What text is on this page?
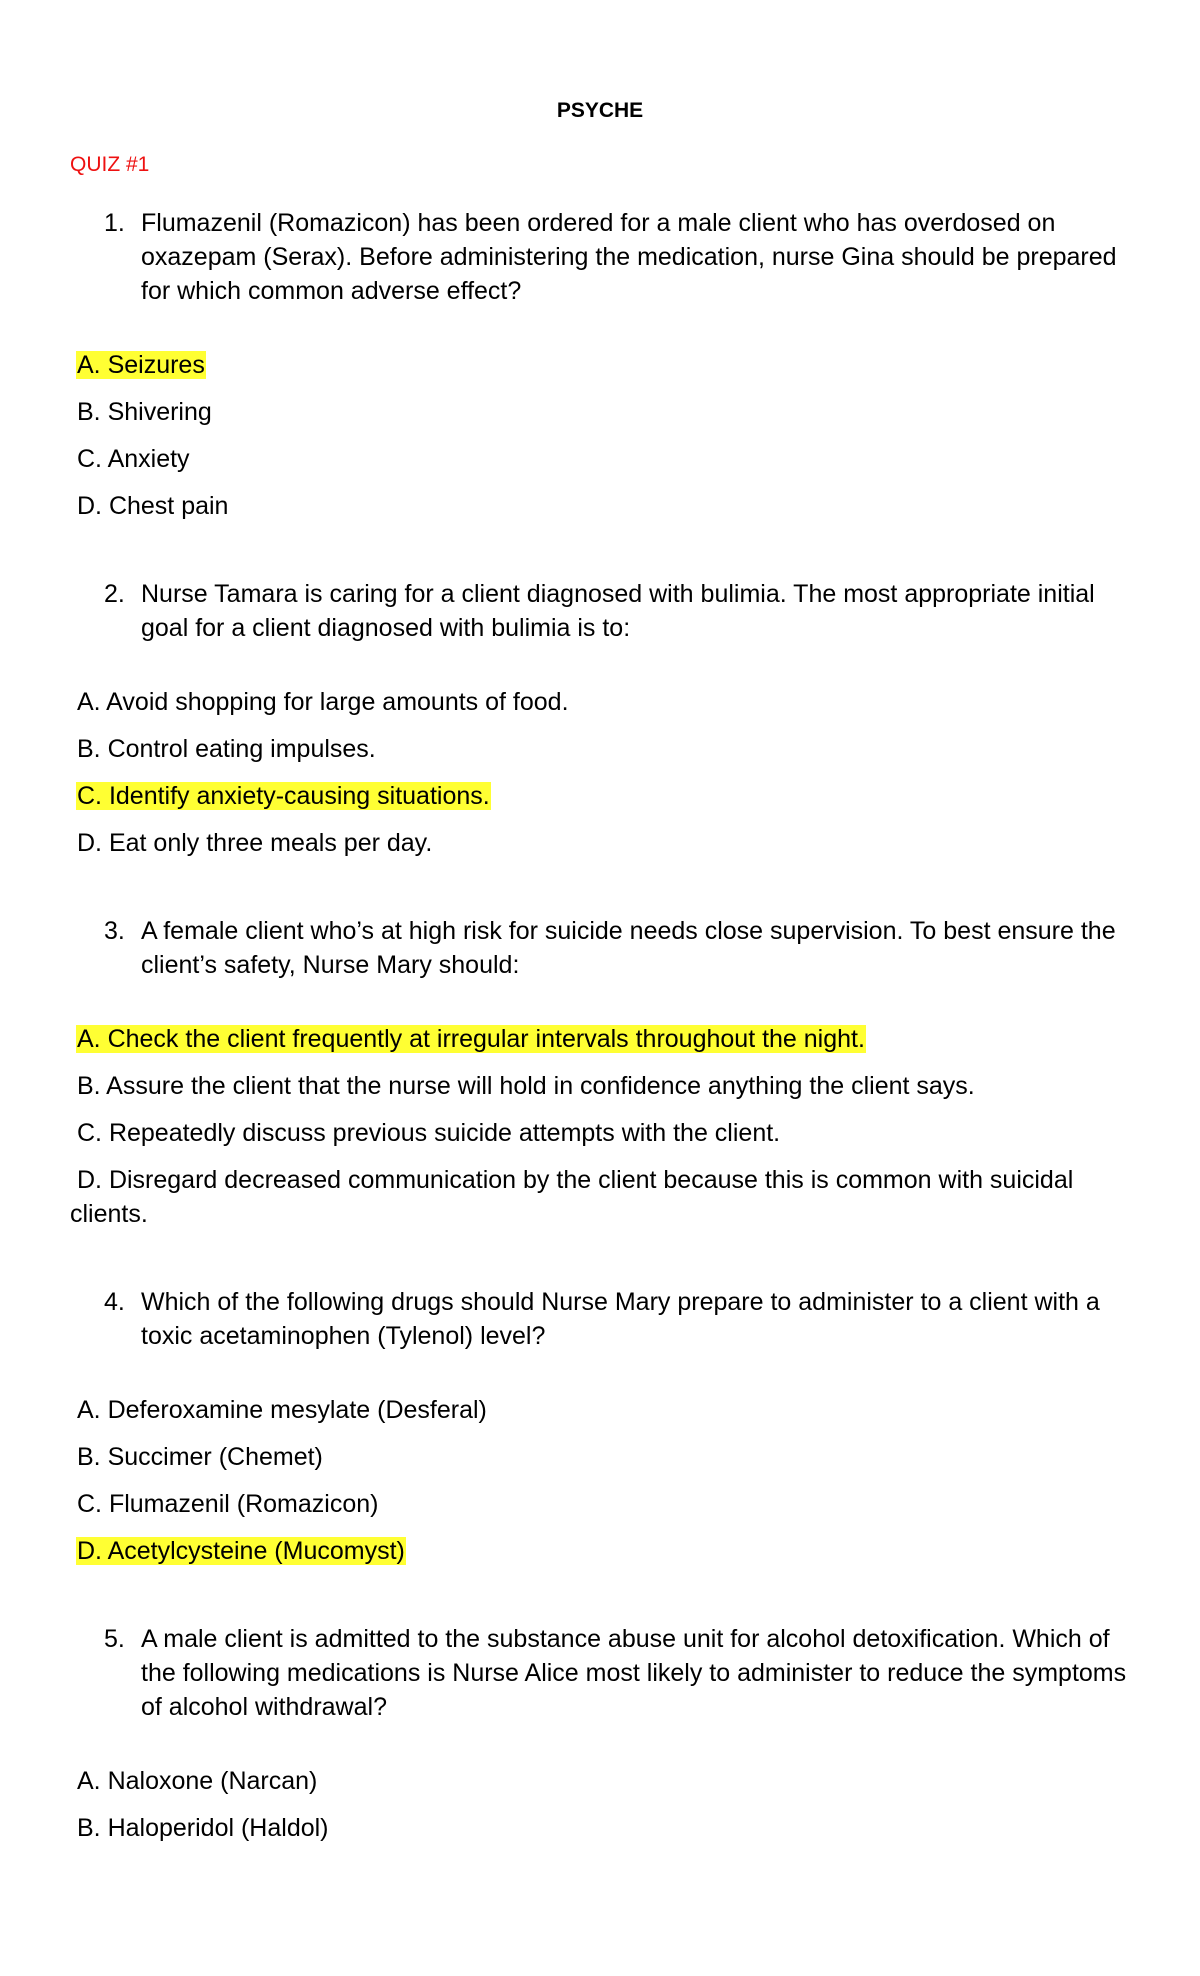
PSYCHE
QUIZ #1
1. Flumazenil (Romazicon) has been ordered for a male client who has overdosed on oxazepam (Serax). Before administering the medication, nurse Gina should be prepared for which common adverse effect?
A. Seizures
B. Shivering
C. Anxiety
D. Chest pain
2. Nurse Tamara is caring for a client diagnosed with bulimia. The most appropriate initial goal for a client diagnosed with bulimia is to:
A. Avoid shopping for large amounts of food.
B. Control eating impulses.
C. Identify anxiety-causing situations.
D. Eat only three meals per day.
3. A female client who’s at high risk for suicide needs close supervision. To best ensure the client’s safety, Nurse Mary should:
A. Check the client frequently at irregular intervals throughout the night.
B. Assure the client that the nurse will hold in confidence anything the client says.
C. Repeatedly discuss previous suicide attempts with the client.
D. Disregard decreased communication by the client because this is common with suicidal clients.
4. Which of the following drugs should Nurse Mary prepare to administer to a client with a toxic acetaminophen (Tylenol) level?
A. Deferoxamine mesylate (Desferal)
B. Succimer (Chemet)
C. Flumazenil (Romazicon)
D. Acetylcysteine (Mucomyst)
5. A male client is admitted to the substance abuse unit for alcohol detoxification. Which of the following medications is Nurse Alice most likely to administer to reduce the symptoms of alcohol withdrawal?
A. Naloxone (Narcan)
B. Haloperidol (Haldol)
